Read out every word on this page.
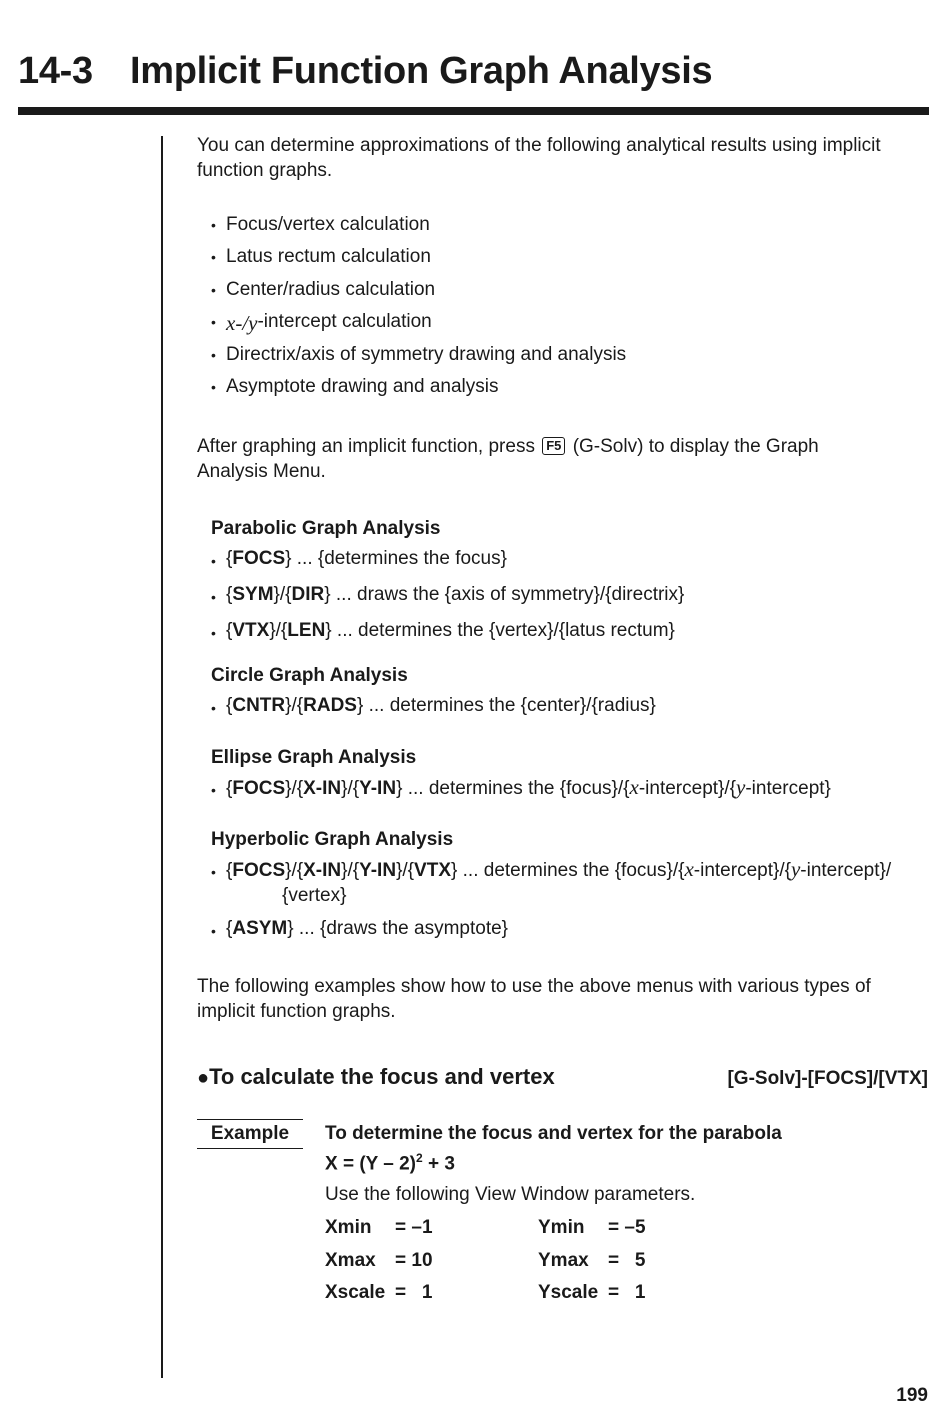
14-3 Implicit Function Graph Analysis
You can determine approximations of the following analytical results using implicit
function graphs.
• Focus/vertex calculation
• Latus rectum calculation
• Center/radius calculation
• x-/y -intercept calculation
• Directrix/axis of symmetry drawing and analysis
• Asymptote drawing and analysis
After graphing an implicit function, press F5 (G-Solv) to display the Graph
Analysis Menu.
Parabolic Graph Analysis
• {FOCS} ... {determines the focus}
• {SYM}/{DIR} ... draws the {axis of symmetry}/{directrix}
• {VTX}/{LEN} ... determines the {vertex}/{latus rectum}
Circle Graph Analysis
• {CNTR}/{RADS} ... determines the {center}/{radius}
Ellipse Graph Analysis
• {FOCS}/{X-IN}/{Y-IN} ... determines the {focus}/{x-intercept}/{y-intercept}
Hyperbolic Graph Analysis
• {FOCS}/{X-IN}/{Y-IN}/{VTX} ... determines the {focus}/{x-intercept}/{y-intercept}/
{vertex}
• {ASYM} ... {draws the asymptote}
The following examples show how to use the above menus with various types of
implicit function graphs.
●To calculate the focus and vertex	[G-Solv]-[FOCS]/[VTX]
Example	To determine the focus and vertex for the parabola
X = (Y – 2)$^2$ + 3
Use the following View Window parameters.
Xmin	= –1	Ymin	= –5
Xmax	= 10	Ymax	=   5
Xscale =   1	Yscale =   1
199
